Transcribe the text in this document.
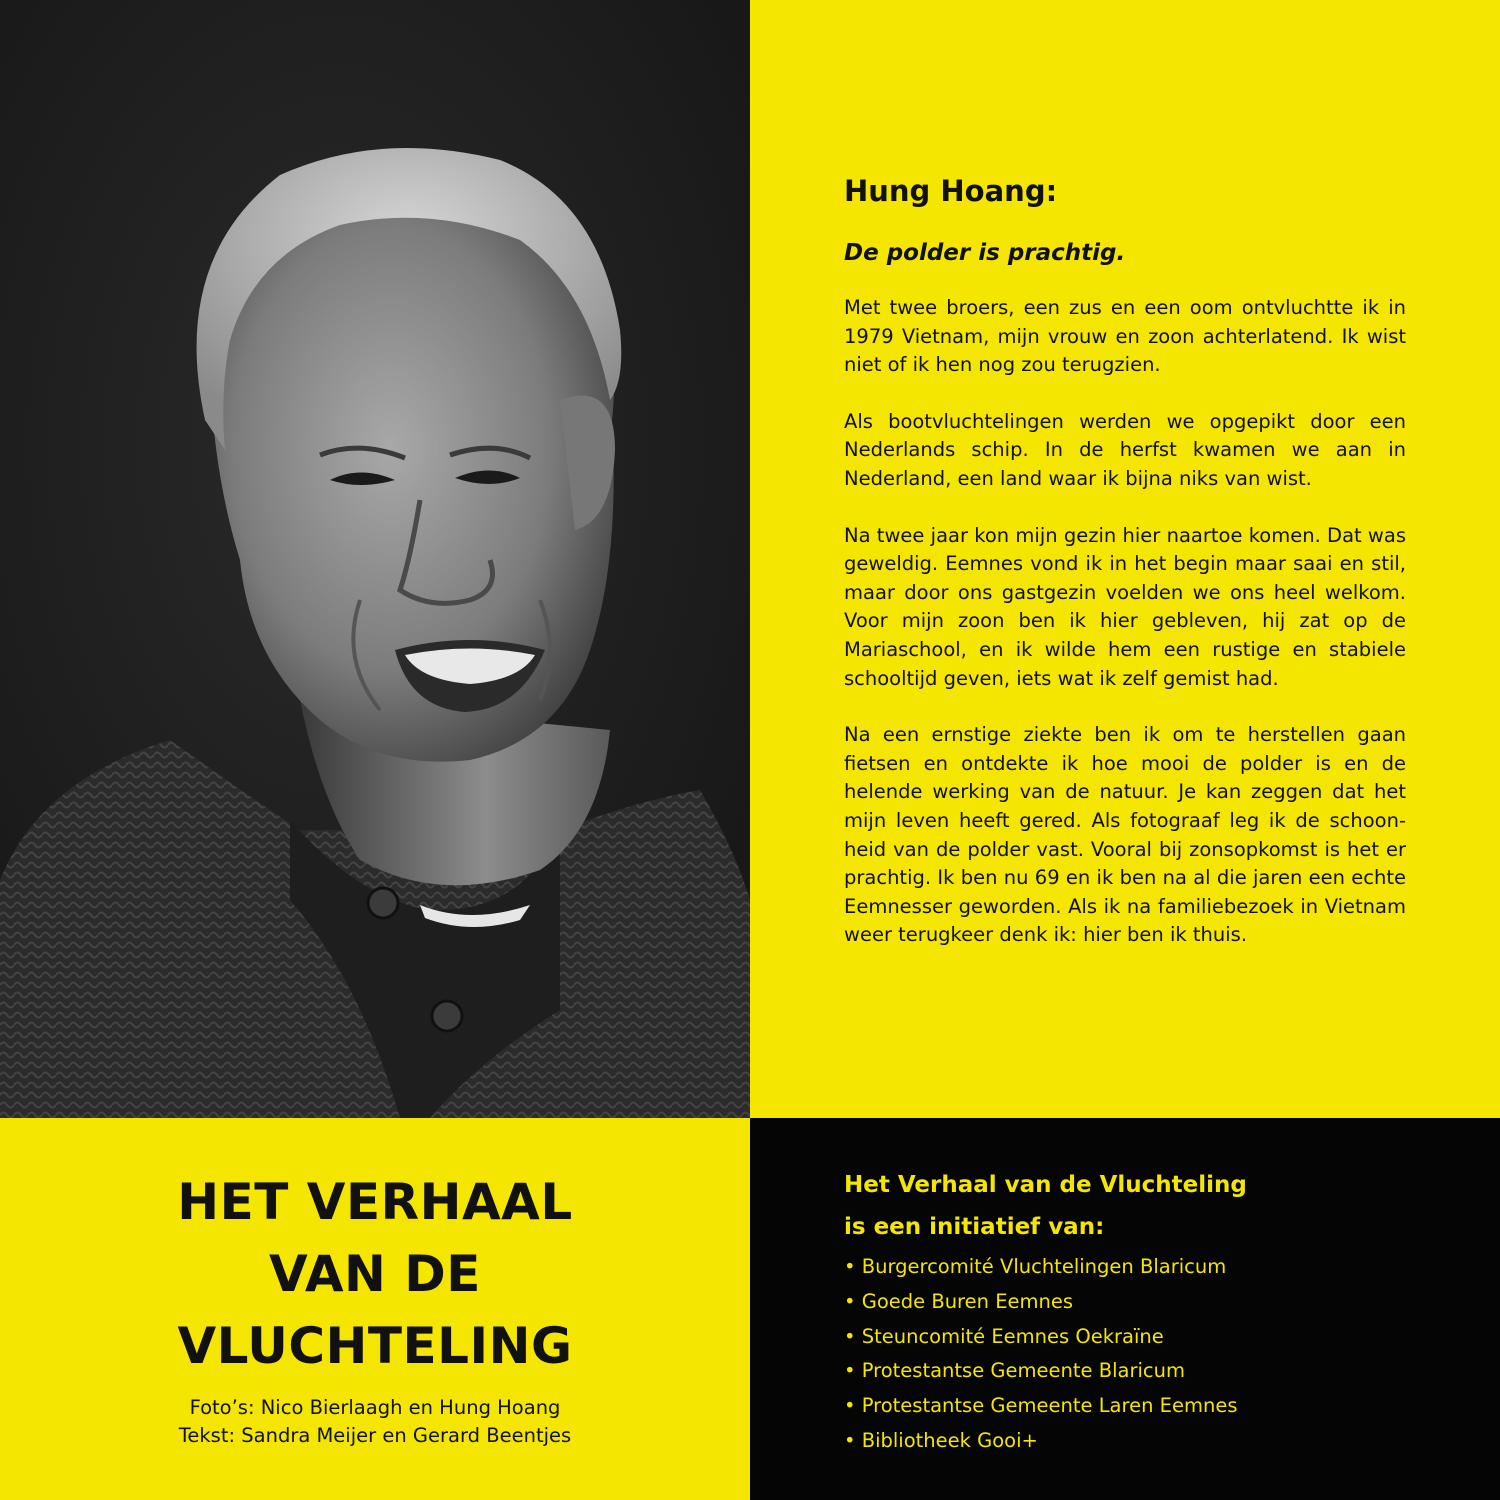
Hung Hoang:
De polder is prachtig.

Met twee broers, een zus en een oom ontvluchtte ik in 1979 Vietnam, mijn vrouw en zoon achterlatend. Ik wist niet of ik hen nog zou terugzien.

Als bootvluchtelingen werden we opgepikt door een Nederlands schip. In de herfst kwamen we aan in Nederland, een land waar ik bijna niks van wist.

Na twee jaar kon mijn gezin hier naartoe komen. Dat was geweldig. Eemnes vond ik in het begin maar saai en stil, maar door ons gastgezin voelden we ons heel welkom. Voor mijn zoon ben ik hier gebleven, hij zat op de Mariaschool, en ik wilde hem een rustige en stabiele schooltijd geven, iets wat ik zelf gemist had.

Na een ernstige ziekte ben ik om te herstellen gaan fietsen en ontdekte ik hoe mooi de polder is en de helende werking van de natuur. Je kan zeggen dat het mijn leven heeft gered. Als fotograaf leg ik de schoonheid van de polder vast. Vooral bij zonsopkomst is het er prachtig. Ik ben nu 69 en ik ben na al die jaren een echte Eemnesser geworden. Als ik na familiebezoek in Vietnam weer terugkeer denk ik: hier ben ik thuis.

HET VERHAAL
VAN DE
VLUCHTELING
Foto’s: Nico Bierlaagh en Hung Hoang
Tekst: Sandra Meijer en Gerard Beentjes
Het Verhaal van de Vluchteling
is een initiatief van:
• Burgercomité Vluchtelingen Blaricum
• Goede Buren Eemnes
• Steuncomité Eemnes Oekraïne
• Protestantse Gemeente Blaricum
• Protestantse Gemeente Laren Eemnes
• Bibliotheek Gooi+
